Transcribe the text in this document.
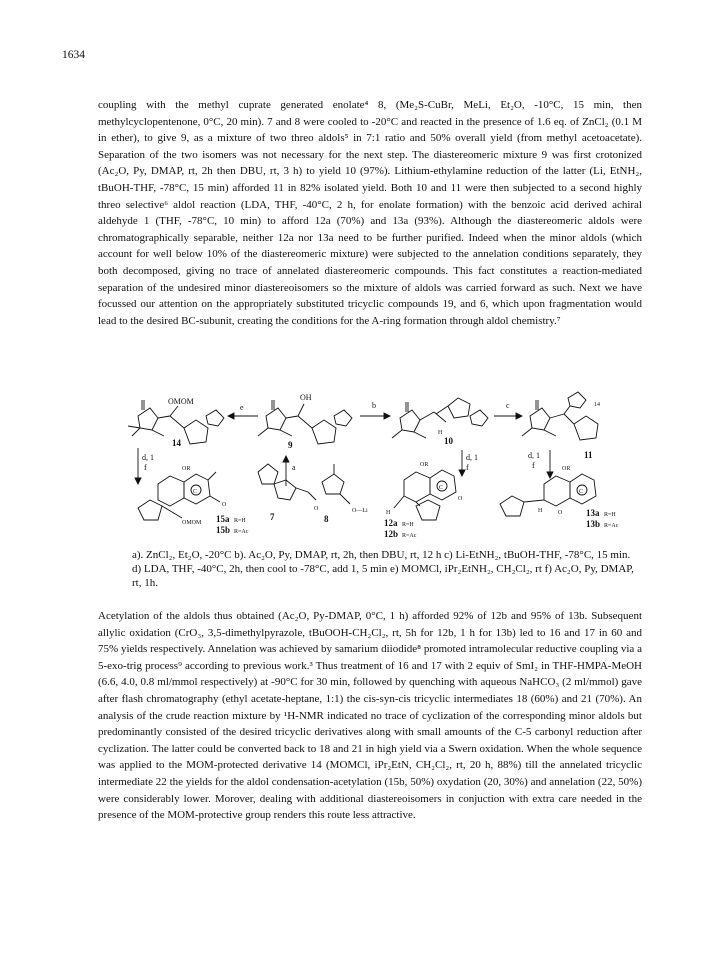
1634

coupling with the methyl cuprate generated enolate⁴ 8, (Me₂S-CuBr, MeLi, Et₂O, -10°C, 15 min, then methylcyclopentenone, 0°C, 20 min). 7 and 8 were cooled to -20°C and reacted in the presence of 1.6 eq. of ZnCl₂ (0.1 M in ether), to give 9, as a mixture of two threo aldols⁵ in 7:1 ratio and 50% overall yield (from methyl acetoacetate). Separation of the two isomers was not necessary for the next step. The diastereomeric mixture 9 was first crotonized (Ac₂O, Py, DMAP, rt, 2h then DBU, rt, 3 h) to yield 10 (97%). Lithium-ethylamine reduction of the latter (Li, EtNH₂, tBuOH-THF, -78°C, 15 min) afforded 11 in 82% isolated yield. Both 10 and 11 were then subjected to a second highly threo selective⁶ aldol reaction (LDA, THF, -40°C, 2 h, for enolate formation) with the benzoic acid derived achiral aldehyde 1 (THF, -78°C, 10 min) to afford 12a (70%) and 13a (93%). Although the diastereomeric aldols were chromatographically separable, neither 12a nor 13a need to be further purified. Indeed when the minor aldols (which account for well below 10% of the diastereomeric mixture) were subjected to the annelation conditions separately, they both decomposed, giving no trace of annelated diastereomeric compounds. This fact constitutes a reaction-mediated separation of the undesired minor diastereoisomers so the mixture of aldols was carried forward as such. Next we have focussed our attention on the appropriately substituted tricyclic compounds 19, and 6, which upon fragmentation would lead to the desired BC-subunit, creating the conditions for the A-ring formation through aldol chemistry.⁷

OMOM
14
e
OH
9
b
H
10
c	14
11
d, 1
f	a
d, 1
f
d, 1
f
OR
C
O
OMOM 15a R=H
15b R=Ac
O
7
O—Li
8
OR
C
O
H
12a R=H
12b R=Ac
OR
C
O
H	13a R=H
13b R=Ac

a). ZnCl₂, Et₂O, -20°C b). Ac₂O, Py, DMAP, rt, 2h, then DBU, rt, 12 h c) Li-EtNH₂, tBuOH-THF, -78°C, 15 min. d) LDA, THF, -40°C, 2h, then cool to -78°C, add 1, 5 min e) MOMCl, iPr₂EtNH₂, CH₂Cl₂, rt f) Ac₂O, Py, DMAP, rt, 1h.

Acetylation of the aldols thus obtained (Ac₂O, Py-DMAP, 0°C, 1 h) afforded 92% of 12b and 95% of 13b. Subsequent allylic oxidation (CrO₃, 3,5-dimethylpyrazole, tBuOOH-CH₂Cl₂, rt, 5h for 12b, 1 h for 13b) led to 16 and 17 in 60 and 75% yields respectively. Annelation was achieved by samarium diiodide⁸ promoted intramolecular reductive coupling via a 5-exo-trig process⁹ according to previous work.³ Thus treatment of 16 and 17 with 2 equiv of SmI₂ in THF-HMPA-MeOH (6.6, 4.0, 0.8 ml/mmol respectively) at -90°C for 30 min, followed by quenching with aqueous NaHCO₃ (2 ml/mmol) gave after flash chromatography (ethyl acetate-heptane, 1:1) the cis-syn-cis tricyclic intermediates 18 (60%) and 21 (70%). An analysis of the crude reaction mixture by ¹H-NMR indicated no trace of cyclization of the corresponding minor aldols but predominantly consisted of the desired tricyclic derivatives along with small amounts of the C-5 carbonyl reduction after cyclization. The latter could be converted back to 18 and 21 in high yield via a Swern oxidation. When the whole sequence was applied to the MOM-protected derivative 14 (MOMCl, iPr₂EtN, CH₂Cl₂, rt, 20 h, 88%) till the annelated tricyclic intermediate 22 the yields for the aldol condensation-acetylation (15b, 50%) oxydation (20, 30%) and annelation (22, 50%) were considerably lower. Morover, dealing with additional diastereoisomers in conjuction with extra care needed in the presence of the MOM-protective group renders this route less attractive.
